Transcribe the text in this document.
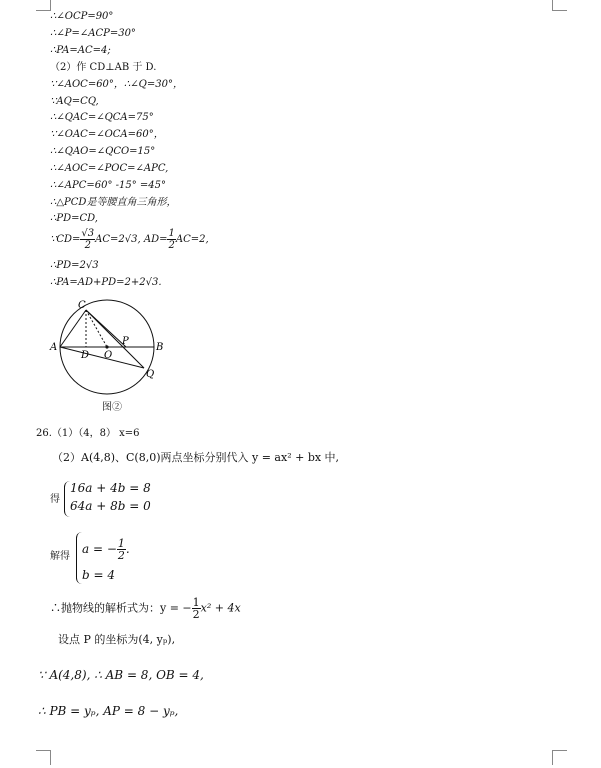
∴∠OCP=90°
∴∠P=∠ACP=30°
∴PA=AC=4;
（2）作 CD⊥AB 于 D.
∵∠AOC=60°，∴∠Q=30°，
∵AQ=CQ,
∴∠QAC=∠QCA=75°
∵∠OAC=∠OCA=60°，
∴∠QAO=∠QCO=15°
∴∠AOC=∠POC=∠APC,
∴∠APC=60° -15° =45°
∴△PCD是等腰直角三角形，
∴PD=CD,
∵CD= $\frac{√3}{2} AC=2√3$, $AD= \frac{1}{2} AC=2$,
∴PD=2√3
∴PA=AD+PD=2+2√3.
A	B
C
D O
P
Q
图②
26.（1）（4，8） x=6
（2）A(4,8)、C(8,0)两点坐标分别代入 y = ax² + bx 中,
得
16a + 4b = 8
64a + 8b = 0
解得
a = − $\frac{1}{2}$ .
b = 4
∴抛物线的解析式为：y = − $\frac{1}{2} x^2 + 4x$
设点 P 的坐标为(4, yₚ),
∵ A(4,8), ∴ AB = 8, OB = 4,
∴ PB = yₚ, AP = 8 − yₚ,
